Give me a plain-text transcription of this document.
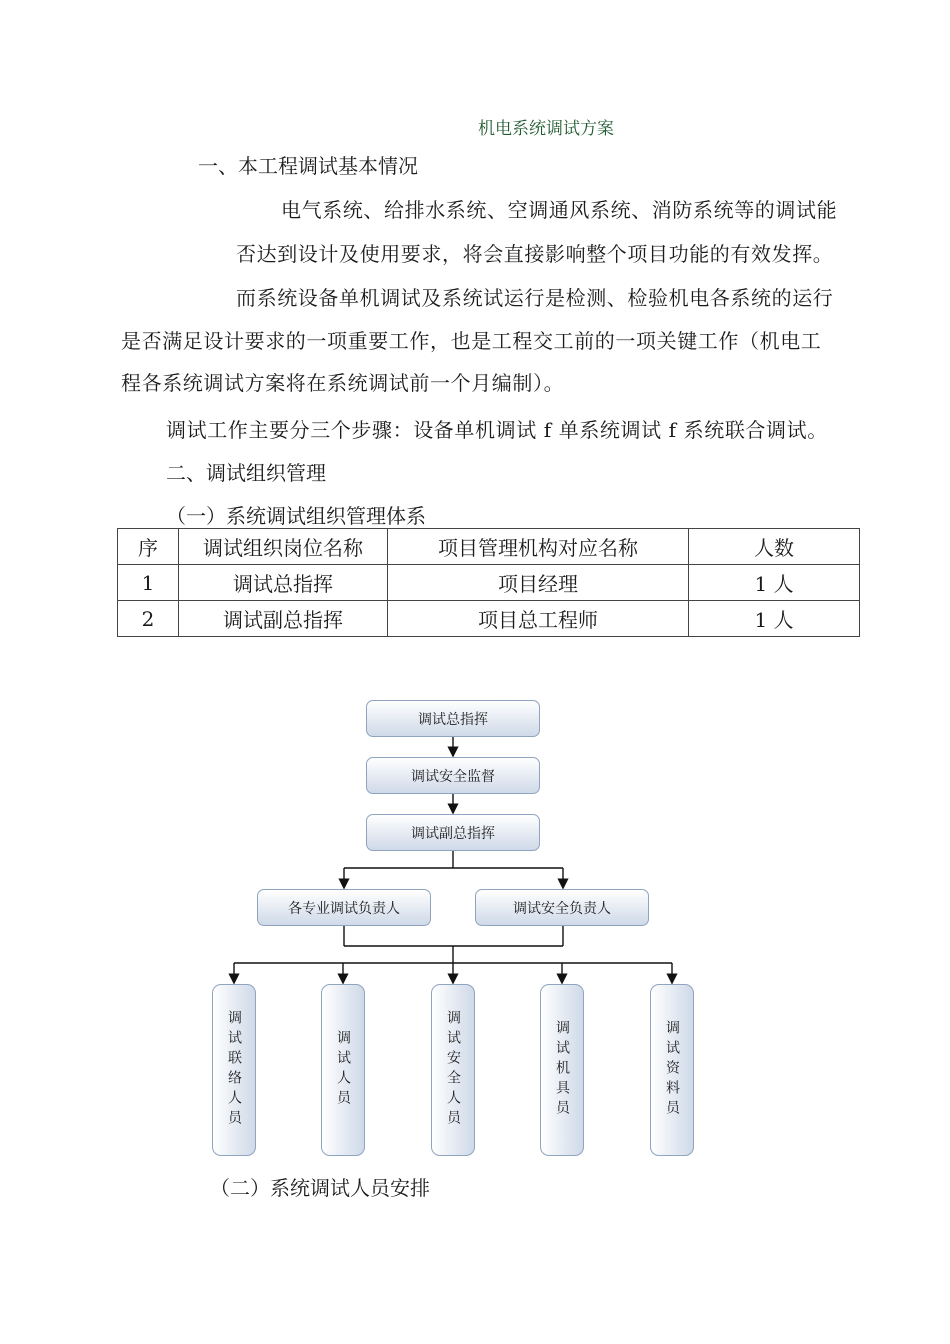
机电系统调试方案
一、本工程调试基本情况
电气系统、给排水系统、空调通风系统、消防系统等的调试能
否达到设计及使用要求，将会直接影响整个项目功能的有效发挥。
而系统设备单机调试及系统试运行是检测、检验机电各系统的运行
是否满足设计要求的一项重要工作，也是工程交工前的一项关键工作（机电工
程各系统调试方案将在系统调试前一个月编制）。
调试工作主要分三个步骤：设备单机调试 f 单系统调试 f 系统联合调试。
二、调试组织管理
（一）系统调试组织管理体系
序	调试组织岗位名称	项目管理机构对应名称	人数
1	调试总指挥	项目经理	1 人
2	调试副总指挥	项目总工程师	1 人
调试总指挥
调试安全监督
调试副总指挥
各专业调试负责人	调试安全负责人
调试联络人员	调试人员	调试安全人员	调试机具员	调试资料员
（二）系统调试人员安排
